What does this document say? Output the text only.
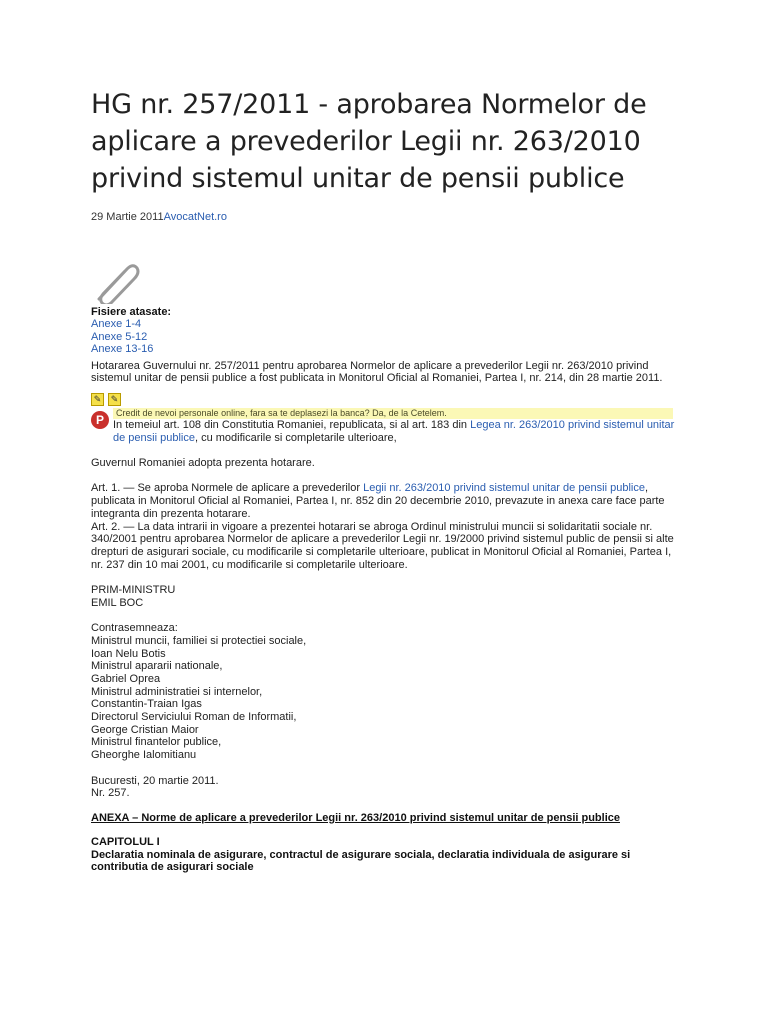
HG nr. 257/2011 - aprobarea Normelor de aplicare a prevederilor Legii nr. 263/2010 privind sistemul unitar de pensii publice
29 Martie 2011AvocatNet.ro
Fisiere atasate:
Anexe 1-4
Anexe 5-12
Anexe 13-16

Hotararea Guvernului nr. 257/2011 pentru aprobarea Normelor de aplicare a prevederilor Legii nr. 263/2010 privind sistemul unitar de pensii publice a fost publicata in Monitorul Oficial al Romaniei, Partea I, nr. 214, din 28 martie 2011.

✎	✎
P	Credit de nevoi personale online, fara sa te deplasezi la banca? Da, de la Cetelem.

In temeiul art. 108 din Constitutia Romaniei, republicata, si al art. 183 din Legea nr. 263/2010 privind sistemul unitar de pensii publice, cu modificarile si completarile ulterioare,

Guvernul Romaniei adopta prezenta hotarare.

Art. 1. — Se aproba Normele de aplicare a prevederilor Legii nr. 263/2010 privind sistemul unitar de pensii publice, publicata in Monitorul Oficial al Romaniei, Partea I, nr. 852 din 20 decembrie 2010, prevazute in anexa care face parte integranta din prezenta hotarare.

Art. 2. — La data intrarii in vigoare a prezentei hotarari se abroga Ordinul ministrului muncii si solidaritatii sociale nr. 340/2001 pentru aprobarea Normelor de aplicare a prevederilor Legii nr. 19/2000 privind sistemul public de pensii si alte drepturi de asigurari sociale, cu modificarile si completarile ulterioare, publicat in Monitorul Oficial al Romaniei, Partea I, nr. 237 din 10 mai 2001, cu modificarile si completarile ulterioare.

PRIM-MINISTRU

EMIL BOC

Contrasemneaza:

Ministrul muncii, familiei si protectiei sociale,

Ioan Nelu Botis

Ministrul apararii nationale,

Gabriel Oprea

Ministrul administratiei si internelor,

Constantin-Traian Igas

Directorul Serviciului Roman de Informatii,

George Cristian Maior

Ministrul finantelor publice,

Gheorghe Ialomitianu

Bucuresti, 20 martie 2011.

Nr. 257.

ANEXA – Norme de aplicare a prevederilor Legii nr. 263/2010 privind sistemul unitar de pensii publice
CAPITOLUL I
Declaratia nominala de asigurare, contractul de asigurare sociala, declaratia individuala de asigurare si contributia de asigurari sociale
